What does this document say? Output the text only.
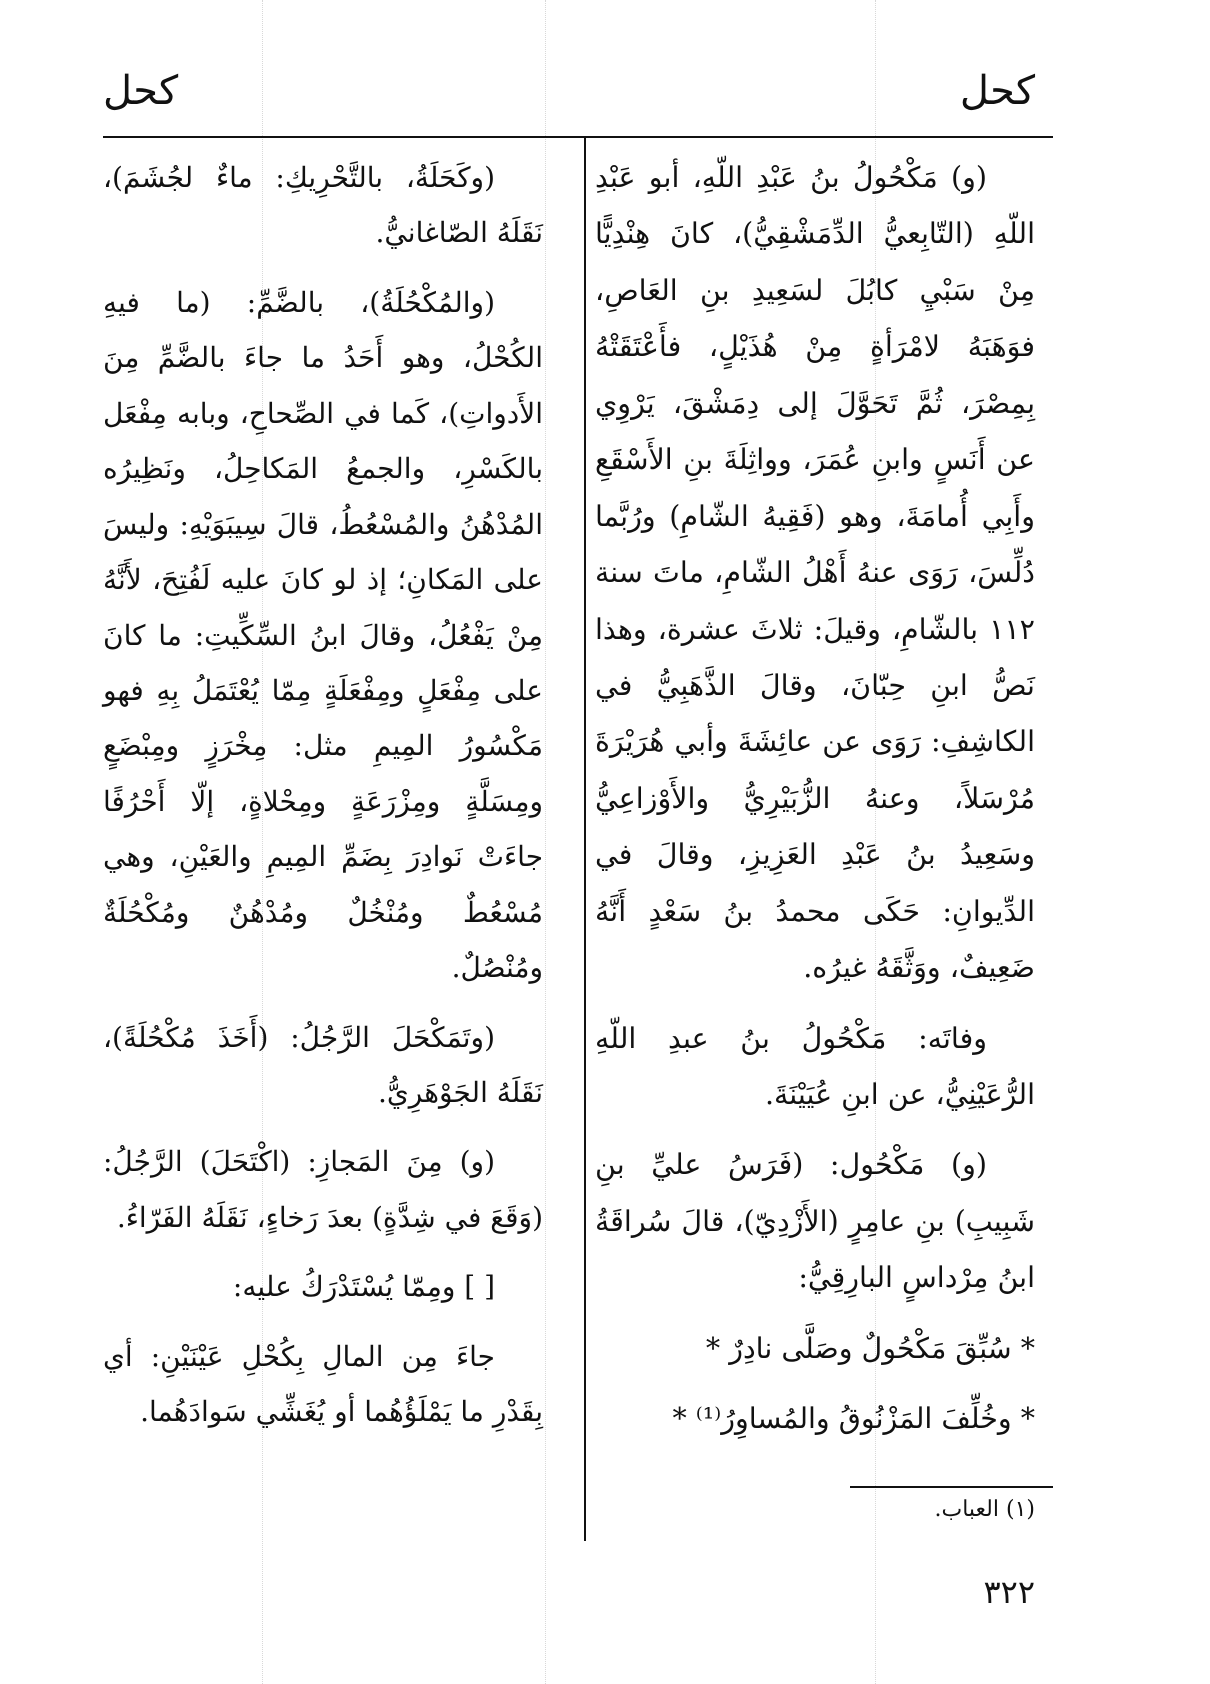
كحل
كحل

(و) مَكْحُولُ بنُ عَبْدِ اللّهِ، أبو عَبْدِ اللّهِ (التّابِعيُّ الدِّمَشْقِيُّ)، كانَ هِنْدِيًّا مِنْ سَبْيِ كابُلَ لسَعِيدِ بنِ العَاصِ، فوَهَبَهُ لامْرَأةٍ مِنْ هُذَيْلٍ، فأَعْتَقَتْهُ بِمِصْرَ، ثُمَّ تَحَوَّلَ إلى دِمَشْقَ، يَرْوِي عن أَنَسٍ وابنِ عُمَرَ، وواثِلَةَ بنِ الأَسْقَعِ وأَبِي أُمامَةَ، وهو (فَقِيهُ الشّامِ) ورُبَّما دُلِّسَ، رَوَى عنهُ أَهْلُ الشّامِ، ماتَ سنة ١١٢ بالشّامِ، وقيلَ: ثلاثَ عشرة، وهذا نَصُّ ابنِ حِبّانَ، وقالَ الذَّهَبِيُّ في الكاشِفِ: رَوَى عن عائِشَةَ وأبي هُرَيْرَةَ مُرْسَلاً، وعنهُ الزُّبَيْرِيُّ والأَوْزاعِيُّ وسَعِيدُ بنُ عَبْدِ العَزِيزِ، وقالَ في الدِّيوانِ: حَكَى محمدُ بنُ سَعْدٍ أَنَّهُ ضَعِيفٌ، ووَثَّقَهُ غيرُه.

وفاتَه: مَكْحُولُ بنُ عبدِ اللّهِ الرُّعَيْنِيُّ، عن ابنِ عُيَيْنَةَ.

(و) مَكْحُول: (فَرَسُ عليِّ بنِ شَبِيبِ) بنِ عامِرٍ (الأَزْدِيّ)، قالَ سُراقَةُ ابنُ مِرْداسٍ البارِقِيُّ:

* سُبِّقَ مَكْحُولٌ وصَلَّى نادِرٌ *

* وخُلِّفَ المَزْنُوقُ والمُساوِرُ⁽¹⁾ *

(وكَحَلَةُ، بالتَّحْرِيكِ: ماءٌ لجُشَمَ)، نَقَلَهُ الصّاغانيُّ.

(والمُكْحُلَةُ)، بالضَّمِّ: (ما فيهِ الكُحْلُ، وهو أَحَدُ ما جاءَ بالضَّمِّ مِنَ الأَدواتِ)، كَما في الصِّحاحِ، وبابه مِفْعَل بالكَسْرِ، والجمعُ المَكاحِلُ، ونَظِيرُه المُدْهُنُ والمُسْعُطُ، قالَ سِيبَوَيْهِ: وليسَ على المَكانِ؛ إذ لو كانَ عليه لَفُتِحَ، لأَنَّهُ مِنْ يَفْعُلُ، وقالَ ابنُ السِّكِّيتِ: ما كانَ على مِفْعَلٍ ومِفْعَلَةٍ مِمّا يُعْتَمَلُ بِهِ فهو مَكْسُورُ المِيمِ مثل: مِخْرَزٍ ومِبْضَعٍ ومِسَلَّةٍ ومِزْرَعَةٍ ومِحْلاةٍ، إلّا أَحْرُفًا جاءَتْ نَوادِرَ بِضَمِّ المِيمِ والعَيْنِ، وهي مُسْعُطٌ ومُنْخُلٌ ومُدْهُنٌ ومُكْحُلَةٌ ومُنْصُلٌ.

(وتَمَكْحَلَ الرَّجُلُ: (أَخَذَ مُكْحُلَةً)، نَقَلَهُ الجَوْهَرِيُّ.

(و) مِنَ المَجازِ: (اكْتَحَلَ) الرَّجُلُ: (وَقَعَ في شِدَّةٍ) بعدَ رَخاءٍ، نَقَلَهُ الفَرّاءُ.

[ ] ومِمّا يُسْتَدْرَكُ عليه:

جاءَ مِن المالِ بِكُحْلِ عَيْنَيْنِ: أي بِقَدْرِ ما يَمْلَؤُهُما أو يُغَشِّي سَوادَهُما.

(١) العباب.
٣٢٢
